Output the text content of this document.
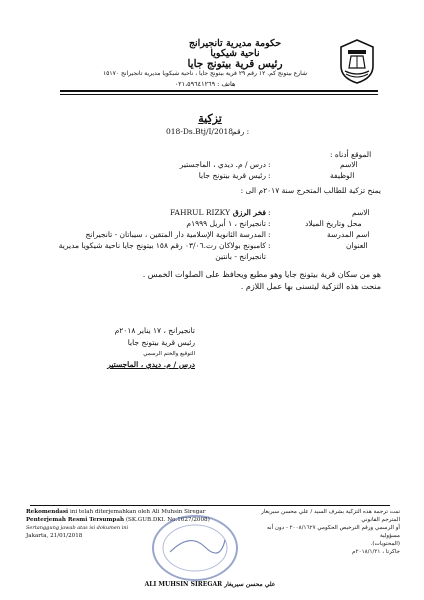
حكومة مديرية تانجيرانج
ناحية شيكويا
رئيس قرية بيتونج جايا
شارع بيتونج كم. ١٢ رقم ٢٩ قرية بيتونج جايا ، ناحية شيكويا مديرية تانجيرانج ١٥١٧٠
هاتف : ٠٢١،٥٩٦٤١٢٦٩
تزكية
: رقم
018-Ds.Btj/I/2018
الموقع أدناه :
الاسم
:
درس / م. ديدي ، الماجستير
الوظيفة
:
رئيس قرية بيتونج جايا
يمنح تزكية للطالب المتخرج سنة ٢٠١٧م الى :
الاسم
:
فخر الرزق
FAHRUL RIZKY
محل وتاريخ الميلاد
:
تانجيرانج ، ١ أبريل ١٩٩٩م
اسم المدرسة
:
المدرسة الثانوية الإسلامية دار المتقين ، سيباتان - تانجيرانج
العنوان
:
كامبونج بولاكان رت.٠٣/٠٦ رقم ١٥٨ بيتونج جايا ناحية شيكويا مديرية
تانجيرانج - بانتين
هو من سكان قرية بيتونج جايا وهو مطيع ويحافظ على الصلوات الخمس .
منحت هذه التزكية ليتسنى بها عمل اللازم .
تانجيرانج ، ١٧ يناير ٢٠١٨م
رئيس قرية بيتونج جايا
التوقيع والختم الرسمي
درس / م. ديدي ، الماجستير
Rekomendasi ini telah diterjemahkan oleh Ali Muhsin Siregar
Penterjemah Resmi Tersumpah (SK.GUB.DKI. No.1627/2008)
Sertanggung jawab atas isi dokumen ini
Jakarta, 21/01/2018
تمت ترجمة هذه التزكية بشرف السيد / علي محسن سيريغار المترجم القانوني
أو الرسمي ورقم الترخيص الحكومي ٢٠٠٨/١٦٢٧ - دون أنه مسؤولية
(المحتويات).
جاكرتا ، ٢٠١٨/١/٢١م
ALI MUHSIN SIREGAR علي محسن سيريغار
